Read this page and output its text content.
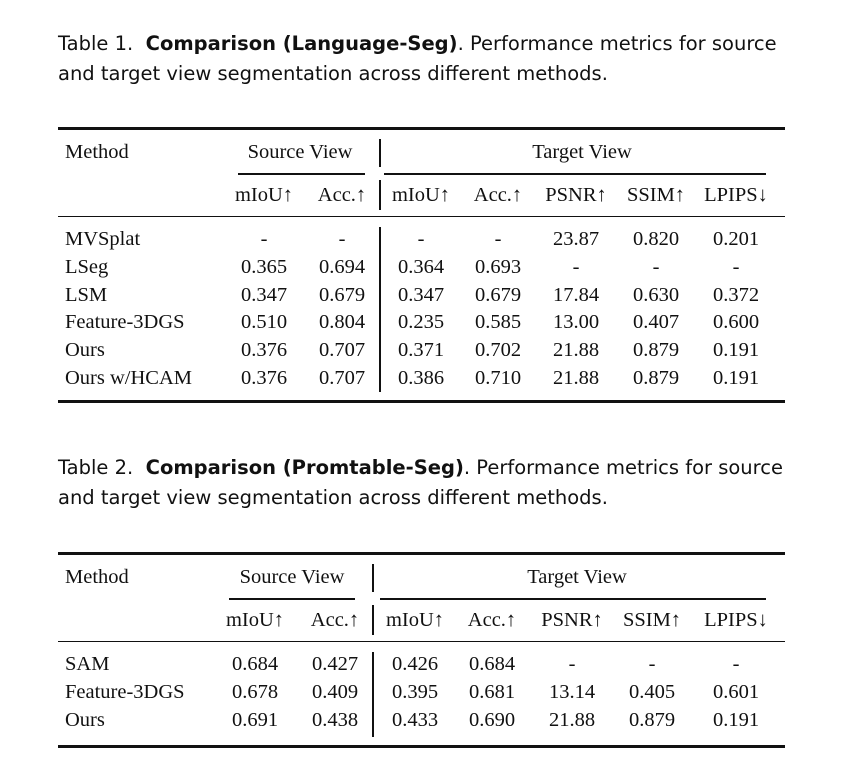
Table 1. Comparison (Language-Seg). Performance metrics for source and target view segmentation across different methods.
Method	Source View	Target View
mIoU↑ Acc.↑ mIoU↑ Acc.↑ PSNR↑ SSIM↑ LPIPS↓
MVSplat	-	-	-	-	23.87 0.820 0.201
LSeg	0.365 0.694 0.364 0.693	-	-	-
LSM	0.347 0.679 0.347 0.679 17.84 0.630 0.372
Feature-3DGS	0.510 0.804 0.235 0.585 13.00 0.407 0.600
Ours	0.376 0.707 0.371 0.702 21.88 0.879 0.191
Ours w/HCAM 0.376 0.707 0.386 0.710 21.88 0.879 0.191
Table 2. Comparison (Promtable-Seg). Performance metrics for source and target view segmentation across different methods.
Method	Source View	Target View
mIoU↑ Acc.↑ mIoU↑ Acc.↑ PSNR↑ SSIM↑ LPIPS↓
SAM	0.684 0.427 0.426 0.684	-	-	-
Feature-3DGS 0.678 0.409 0.395 0.681 13.14 0.405 0.601
Ours	0.691 0.438 0.433 0.690 21.88 0.879 0.191
